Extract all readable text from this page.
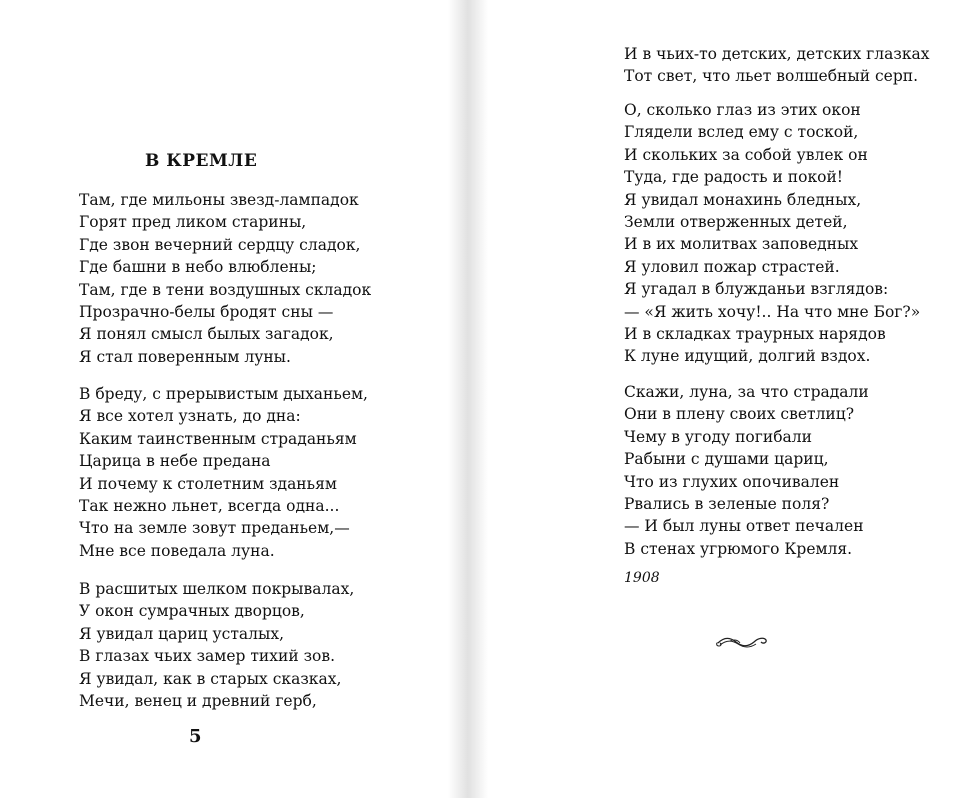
В КРЕМЛЕ
Там, где мильоны звезд-лампадок
Горят пред ликом старины,
Где звон вечерний сердцу сладок,
Где башни в небо влюблены;
Там, где в тени воздушных складок
Прозрачно-белы бродят сны —
Я понял смысл былых загадок,
Я стал поверенным луны.
В бреду, с прерывистым дыханьем,
Я все хотел узнать, до дна:
Каким таинственным страданьям
Царица в небе предана
И почему к столетним зданьям
Так нежно льнет, всегда одна...
Что на земле зовут преданьем,—
Мне все поведала луна.
В расшитых шелком покрывалах,
У окон сумрачных дворцов,
Я увидал цариц усталых,
В глазах чьих замер тихий зов.
Я увидал, как в старых сказках,
Мечи, венец и древний герб,
5
И в чьих-то детских, детских глазках
Тот свет, что льет волшебный серп.
О, сколько глаз из этих окон
Глядели вслед ему с тоской,
И скольких за собой увлек он
Туда, где радость и покой!
Я увидал монахинь бледных,
Земли отверженных детей,
И в их молитвах заповедных
Я уловил пожар страстей.
Я угадал в блужданьи взглядов:
— «Я жить хочу!.. На что мне Бог?»
И в складках траурных нарядов
К луне идущий, долгий вздох.
Скажи, луна, за что страдали
Они в плену своих светлиц?
Чему в угоду погибали
Рабыни с душами цариц,
Что из глухих опочивален
Рвались в зеленые поля?
— И был луны ответ печален
В стенах угрюмого Кремля.
1908
